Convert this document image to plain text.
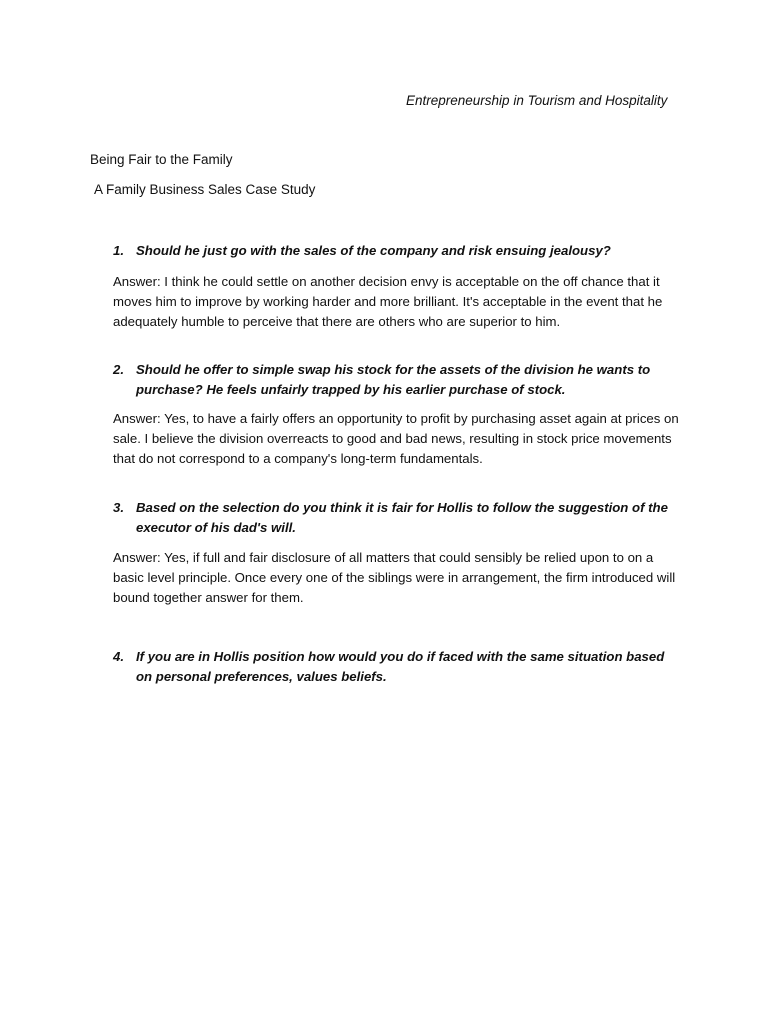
Entrepreneurship in Tourism and Hospitality
Being Fair to the Family
A Family Business Sales Case Study
1. Should he just go with the sales of the company and risk ensuing jealousy?
Answer: I think he could settle on another decision envy is acceptable on the off chance that it moves him to improve by working harder and more brilliant. It's acceptable in the event that he adequately humble to perceive that there are others who are superior to him.
2. Should he offer to simple swap his stock for the assets of the division he wants to purchase? He feels unfairly trapped by his earlier purchase of stock.
Answer: Yes, to have a fairly offers an opportunity to profit by purchasing asset again at prices on sale. I believe the division overreacts to good and bad news, resulting in stock price movements that do not correspond to a company's long-term fundamentals.
3. Based on the selection do you think it is fair for Hollis to follow the suggestion of the executor of his dad's will.
Answer: Yes, if full and fair disclosure of all matters that could sensibly be relied upon to on a basic level principle. Once every one of the siblings were in arrangement, the firm introduced will bound together answer for them.
4. If you are in Hollis position how would you do if faced with the same situation based on personal preferences, values beliefs.
